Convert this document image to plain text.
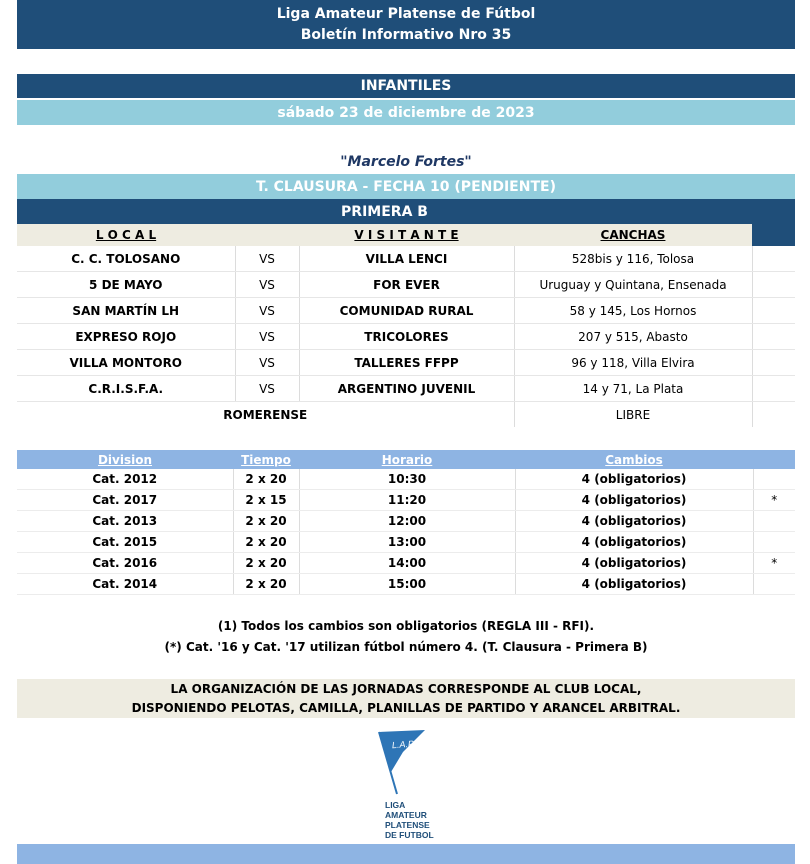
Liga Amateur Platense de Fútbol
Boletín Informativo Nro 35
INFANTILES
sábado 23 de diciembre de 2023
"Marcelo Fortes"
T. CLAUSURA - FECHA 10 (PENDIENTE)
PRIMERA B
L O C A L		V I S I T A N T E	CANCHAS	
C. C. TOLOSANO	VS	VILLA LENCI	528bis y 116, Tolosa	
5 DE MAYO	VS	FOR EVER	Uruguay y Quintana, Ensenada	
SAN MARTÍN LH	VS	COMUNIDAD RURAL	58 y 145, Los Hornos	
EXPRESO ROJO	VS	TRICOLORES	207 y 515, Abasto	
VILLA MONTORO	VS	TALLERES FFPP	96 y 118, Villa Elvira	
C.R.I.S.F.A.	VS	ARGENTINO JUVENIL	14 y 71, La Plata	
ROMERENSE			LIBRE	
Division	Tiempo	Horario	Cambios	
Cat. 2012	2 x 20	10:30	4 (obligatorios)	
Cat. 2017	2 x 15	11:20	4 (obligatorios)	*
Cat. 2013	2 x 20	12:00	4 (obligatorios)	
Cat. 2015	2 x 20	13:00	4 (obligatorios)	
Cat. 2016	2 x 20	14:00	4 (obligatorios)	*
Cat. 2014	2 x 20	15:00	4 (obligatorios)	
(1) Todos los cambios son obligatorios (REGLA III - RFI).
(*) Cat. '16 y Cat. '17 utilizan fútbol número 4. (T. Clausura - Primera B)
LA ORGANIZACIÓN DE LAS JORNADAS CORRESPONDE AL CLUB LOCAL,
DISPONIENDO PELOTAS, CAMILLA, PLANILLAS DE PARTIDO Y ARANCEL ARBITRAL.
L.A.P.
LIGA
AMATEUR
PLATENSE
DE FUTBOL
